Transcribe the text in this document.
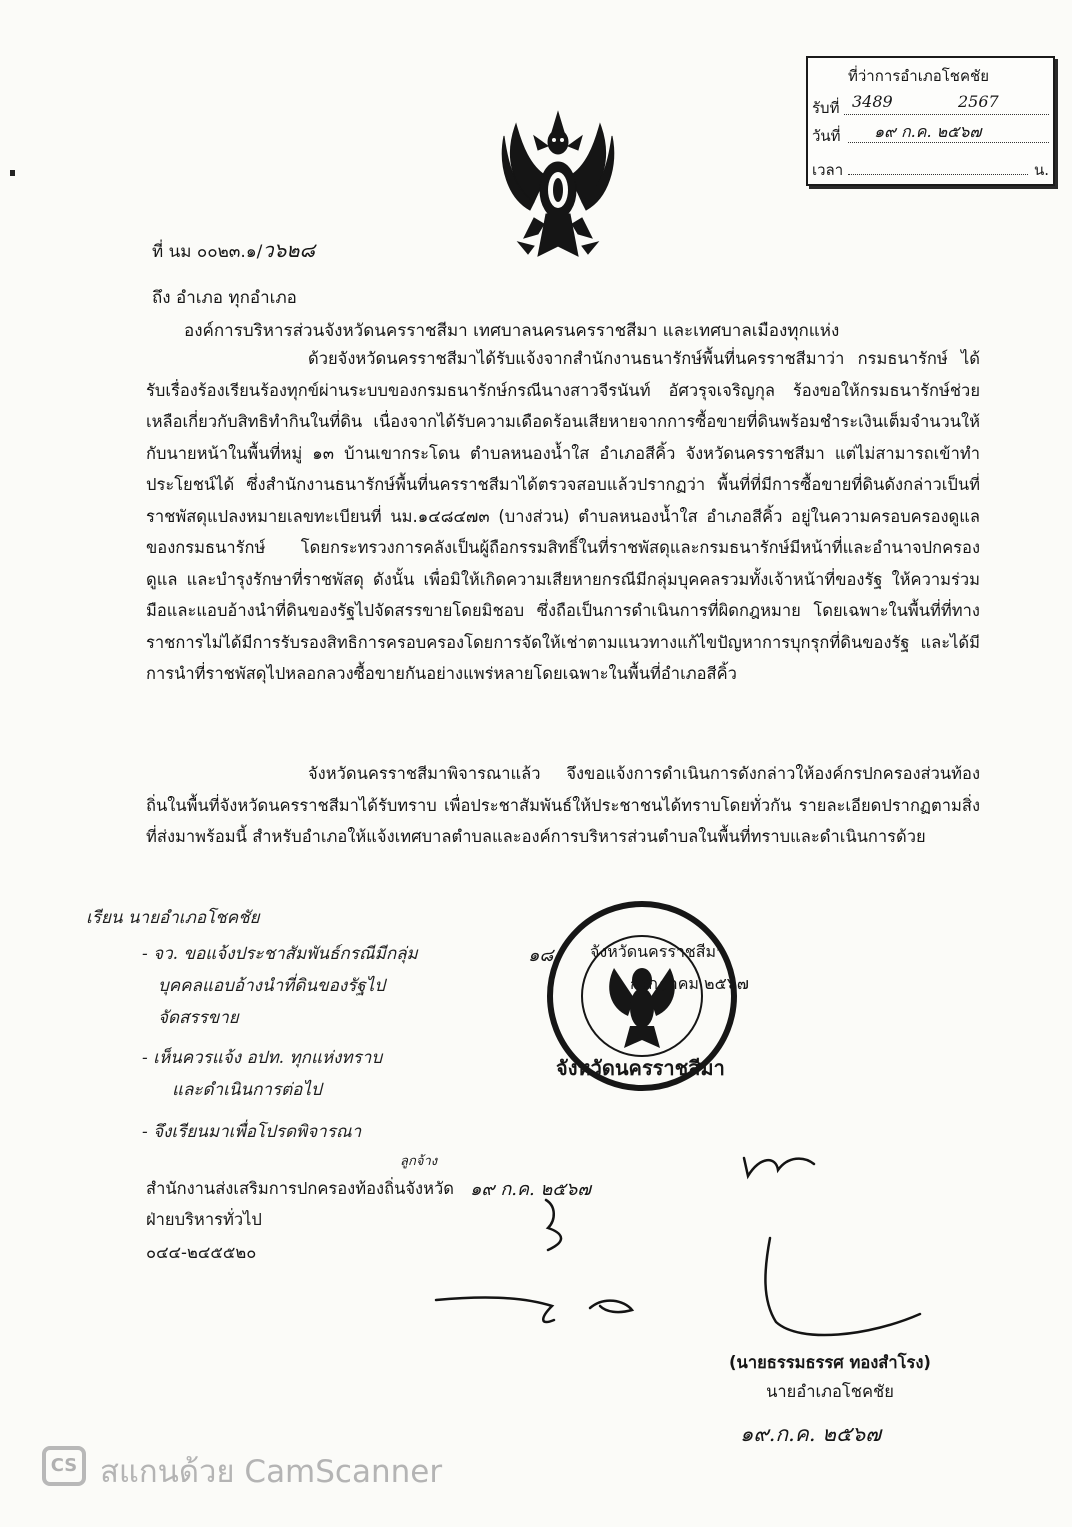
ที่ว่าการอำเภอโชคชัย
รับที่ 3489	2567
วันที่ ๑๙ ก.ค. ๒๕๖๗
เวลา	น.
ที่ นม ๐๐๒๓.๑/ว๖๒๘
ถึง อำเภอ ทุกอำเภอ
องค์การบริหารส่วนจังหวัดนครราชสีมา เทศบาลนครนครราชสีมา และเทศบาลเมืองทุกแห่ง

ด้วยจังหวัดนครราชสีมาได้รับแจ้งจากสำนักงานธนารักษ์พื้นที่นครราชสีมาว่า กรมธนารักษ์ ได้รับเรื่องร้องเรียนร้องทุกข์ผ่านระบบของกรมธนารักษ์กรณีนางสาวจีรนันท์ อัศวรุจเจริญกุล ร้องขอให้กรมธนารักษ์ช่วยเหลือเกี่ยวกับสิทธิทำกินในที่ดิน เนื่องจากได้รับความเดือดร้อนเสียหายจากการซื้อขายที่ดินพร้อมชำระเงินเต็มจำนวนให้กับนายหน้าในพื้นที่หมู่ ๑๓ บ้านเขากระโดน ตำบลหนองน้ำใส อำเภอสีคิ้ว จังหวัดนครราชสีมา แต่ไม่สามารถเข้าทำประโยชน์ได้ ซึ่งสำนักงานธนารักษ์พื้นที่นครราชสีมาได้ตรวจสอบแล้วปรากฏว่า พื้นที่ที่มีการซื้อขายที่ดินดังกล่าวเป็นที่ราชพัสดุแปลงหมายเลขทะเบียนที่ นม.๑๔๘๔๗๓ (บางส่วน) ตำบลหนองน้ำใส อำเภอสีคิ้ว อยู่ในความครอบครองดูแลของกรมธนารักษ์ โดยกระทรวงการคลังเป็นผู้ถือกรรมสิทธิ์ในที่ราชพัสดุและกรมธนารักษ์มีหน้าที่และอำนาจปกครอง ดูแล และบำรุงรักษาที่ราชพัสดุ ดังนั้น เพื่อมิให้เกิดความเสียหายกรณีมีกลุ่มบุคคลรวมทั้งเจ้าหน้าที่ของรัฐ ให้ความร่วมมือและแอบอ้างนำที่ดินของรัฐไปจัดสรรขายโดยมิชอบ ซึ่งถือเป็นการดำเนินการที่ผิดกฎหมาย โดยเฉพาะในพื้นที่ที่ทางราชการไม่ได้มีการรับรองสิทธิการครอบครองโดยการจัดให้เช่าตามแนวทางแก้ไขปัญหาการบุกรุกที่ดินของรัฐ และได้มีการนำที่ราชพัสดุไปหลอกลวงซื้อขายกันอย่างแพร่หลายโดยเฉพาะในพื้นที่อำเภอสีคิ้ว

จังหวัดนครราชสีมาพิจารณาแล้ว จึงขอแจ้งการดำเนินการดังกล่าวให้องค์กรปกครองส่วนท้องถิ่นในพื้นที่จังหวัดนครราชสีมาได้รับทราบ เพื่อประชาสัมพันธ์ให้ประชาชนได้ทราบโดยทั่วกัน รายละเอียดปรากฏตามสิ่งที่ส่งมาพร้อมนี้ สำหรับอำเภอให้แจ้งเทศบาลตำบลและองค์การบริหารส่วนตำบลในพื้นที่ทราบและดำเนินการด้วย

เรียน นายอำเภอโชคชัย
- จว. ขอแจ้งประชาสัมพันธ์กรณีมีกลุ่ม
บุคคลแอบอ้างนำที่ดินของรัฐไป
จัดสรรขาย
- เห็นควรแจ้ง อปท. ทุกแห่งทราบ
และดำเนินการต่อไป
- จึงเรียนมาเพื่อโปรดพิจารณา
๑๘ จังหวัดนครราชสีมา
กรกฎาคม ๒๕๖๗
จังหวัดนครราชสีมา
ลูกจ้าง
สำนักงานส่งเสริมการปกครองท้องถิ่นจังหวัด ๑๙ ก.ค. ๒๕๖๗
ฝ่ายบริหารทั่วไป
๐๔๔-๒๔๕๕๒๐
(นายธรรมธรรศ ทองสำโรง)
นายอำเภอโชคชัย
๑๙.ก.ค. ๒๕๖๗
CS สแกนด้วย CamScanner
